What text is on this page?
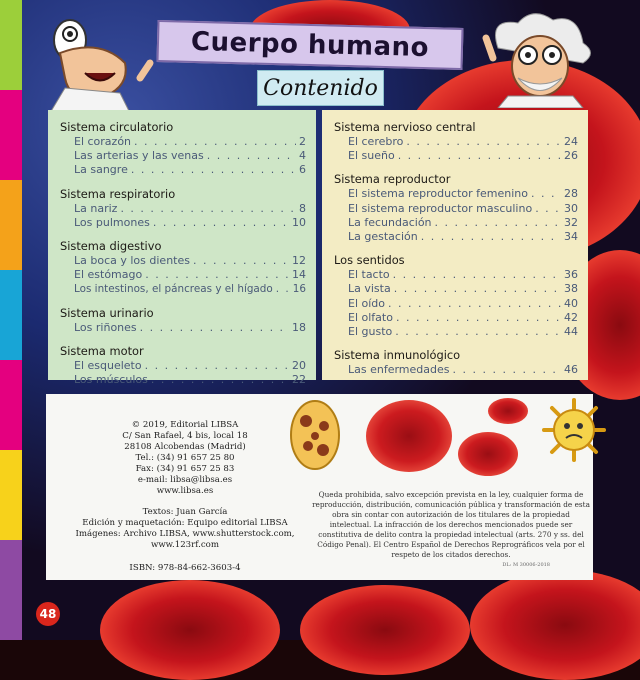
Cuerpo humano
Contenido
Sistema circulatorio
El corazón . . .	2
Las arterias y las venas . . .	4
La sangre . . .	6
Sistema respiratorio
La nariz . . .	8
Los pulmones . . .	10
Sistema digestivo
La boca y los dientes . . .	12
El estómago . . .	14
Los intestinos, el páncreas y el hígado . . . 16
Sistema urinario
Los riñones . . .	18
Sistema motor
El esqueleto . . .	20
Los músculos . . .	22
Sistema nervioso central
El cerebro . . .	24
El sueño . . .	26
Sistema reproductor
El sistema reproductor femenino . . .	28
El sistema reproductor masculino . . .	30
La fecundación . . .	32
La gestación . . .	34
Los sentidos
El tacto . . .	36
La vista . . .	38
El oído . . .	40
El olfato . . .	42
El gusto . . .	44
Sistema inmunológico
Las enfermedades . . .	46
© 2019, Editorial LIBSA
C/ San Rafael, 4 bis, local 18
28108 Alcobendas (Madrid)
Tel.: (34) 91 657 25 80
Fax: (34) 91 657 25 83
e-mail: libsa@libsa.es
www.libsa.es
Textos: Juan García
Edición y maquetación: Equipo editorial LIBSA
Imágenes: Archivo LIBSA, www.shutterstock.com,
www.123rf.com
ISBN: 978-84-662-3603-4
Queda prohibida, salvo excepción prevista en la ley, cualquier forma de reproducción, distribución, comunicación pública y transformación de esta obra sin contar con autorización de los titulares de la propiedad intelectual. La infracción de los derechos mencionados puede ser constitutiva de delito contra la propiedad intelectual (arts. 270 y ss. del Código Penal). El Centro Español de Derechos Reprográficos vela por el respeto de los citados derechos.
DL: M 30006-2018
48
